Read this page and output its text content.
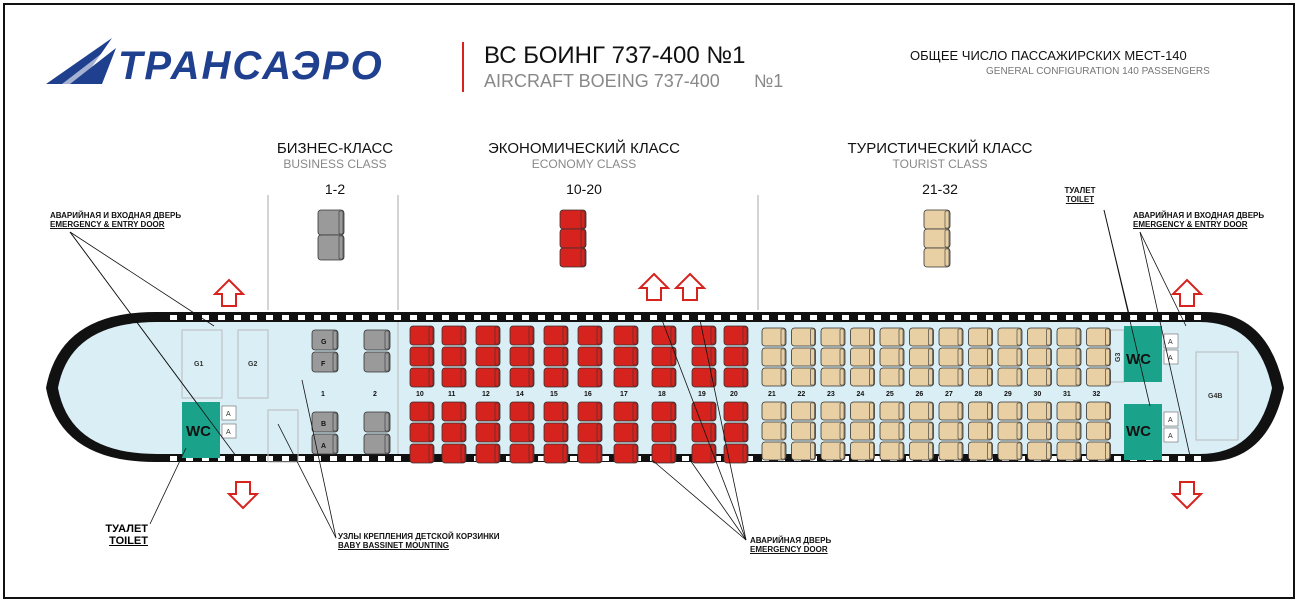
ТРАНСАЭРО	ВС БОИНГ 737-400 №1
AIRCRAFT BOEING 737-400 №1
ОБЩЕЕ ЧИСЛО ПАССАЖИРСКИХ МЕСТ-140
GENERAL CONFIGURATION 140 PASSENGERS
БИЗНЕС-КЛАСС
BUSINESS CLASS
1-2
ЭКОНОМИЧЕСКИЙ КЛАСС
ECONOMY CLASS
10-20
ТУРИСТИЧЕСКИЙ КЛАСС
TOURIST CLASS
21-32
АВАРИЙНАЯ И ВХОДНАЯ ДВЕРЬ
EMERGENCY & ENTRY DOOR
АВАРИЙНАЯ И ВХОДНАЯ ДВЕРЬ
EMERGENCY & ENTRY DOOR
ТУАЛЕТ
TOILET
ТУАЛЕТ
TOILET	УЗЛЫ КРЕПЛЕНИЯ ДЕТСКОЙ КОРЗИНКИ
BABY BASSINET MOUNTING
АВАРИЙНАЯ ДВЕРЬ
EMERGENCY DOOR
G1	G2
G3
G4B
WC
WC
WC
A
A
A
A
A
A
G
F
B
A
1	2	10	11	12	14	15	16	17	18	19	20	21	22	23	24	25	26	27	28	29	30	31	32
